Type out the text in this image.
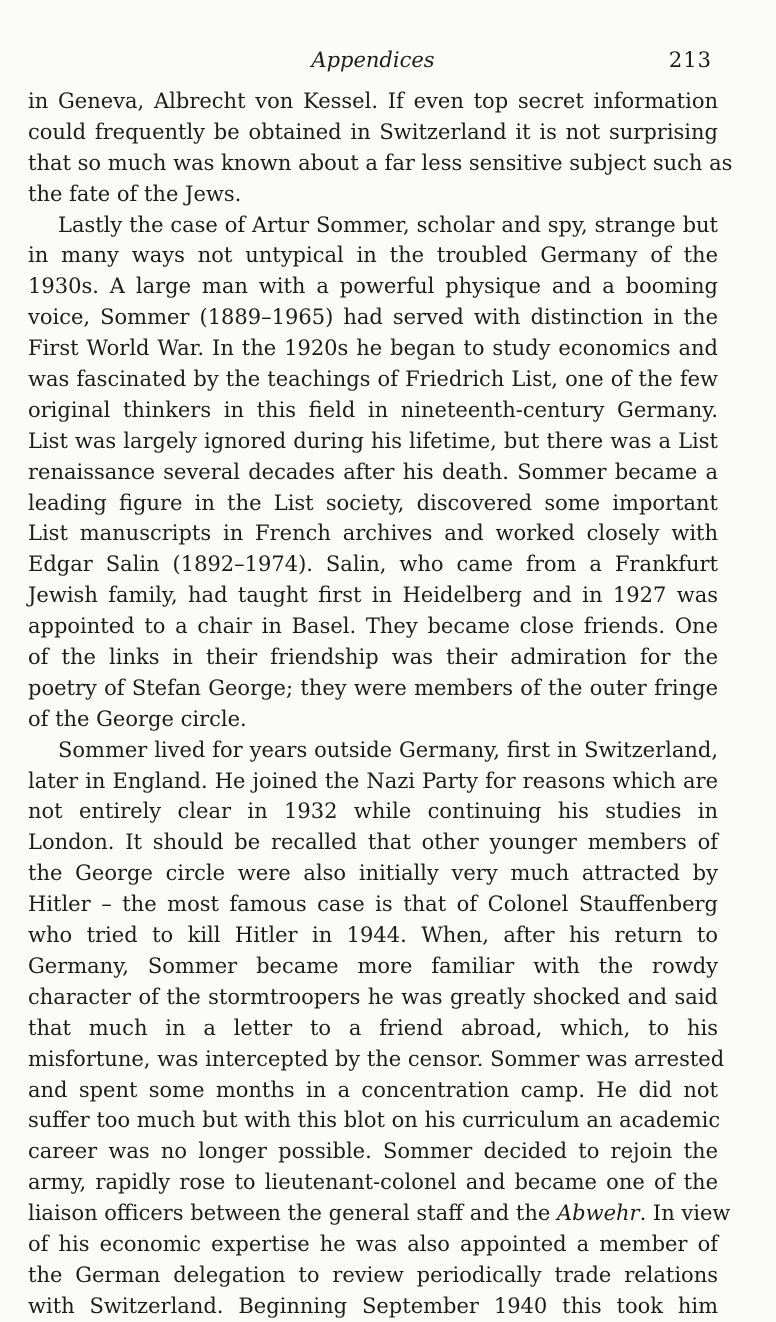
Appendices	213
in Geneva, Albrecht von Kessel. If even top secret information
could frequently be obtained in Switzerland it is not surprising
that so much was known about a far less sensitive subject such as
the fate of the Jews.
Lastly the case of Artur Sommer, scholar and spy, strange but
in many ways not untypical in the troubled Germany of the
1930s. A large man with a powerful physique and a booming
voice, Sommer (1889–1965) had served with distinction in the
First World War. In the 1920s he began to study economics and
was fascinated by the teachings of Friedrich List, one of the few
original thinkers in this field in nineteenth-century Germany.
List was largely ignored during his lifetime, but there was a List
renaissance several decades after his death. Sommer became a
leading figure in the List society, discovered some important
List manuscripts in French archives and worked closely with
Edgar Salin (1892–1974). Salin, who came from a Frankfurt
Jewish family, had taught first in Heidelberg and in 1927 was
appointed to a chair in Basel. They became close friends. One
of the links in their friendship was their admiration for the
poetry of Stefan George; they were members of the outer fringe
of the George circle.
Sommer lived for years outside Germany, first in Switzerland,
later in England. He joined the Nazi Party for reasons which are
not entirely clear in 1932 while continuing his studies in
London. It should be recalled that other younger members of
the George circle were also initially very much attracted by
Hitler – the most famous case is that of Colonel Stauffenberg
who tried to kill Hitler in 1944. When, after his return to
Germany, Sommer became more familiar with the rowdy
character of the stormtroopers he was greatly shocked and said
that much in a letter to a friend abroad, which, to his
misfortune, was intercepted by the censor. Sommer was arrested
and spent some months in a concentration camp. He did not
suffer too much but with this blot on his curriculum an academic
career was no longer possible. Sommer decided to rejoin the
army, rapidly rose to lieutenant-colonel and became one of the
liaison officers between the general staff and the Abwehr. In view
of his economic expertise he was also appointed a member of
the German delegation to review periodically trade relations
with Switzerland. Beginning September 1940 this took him
